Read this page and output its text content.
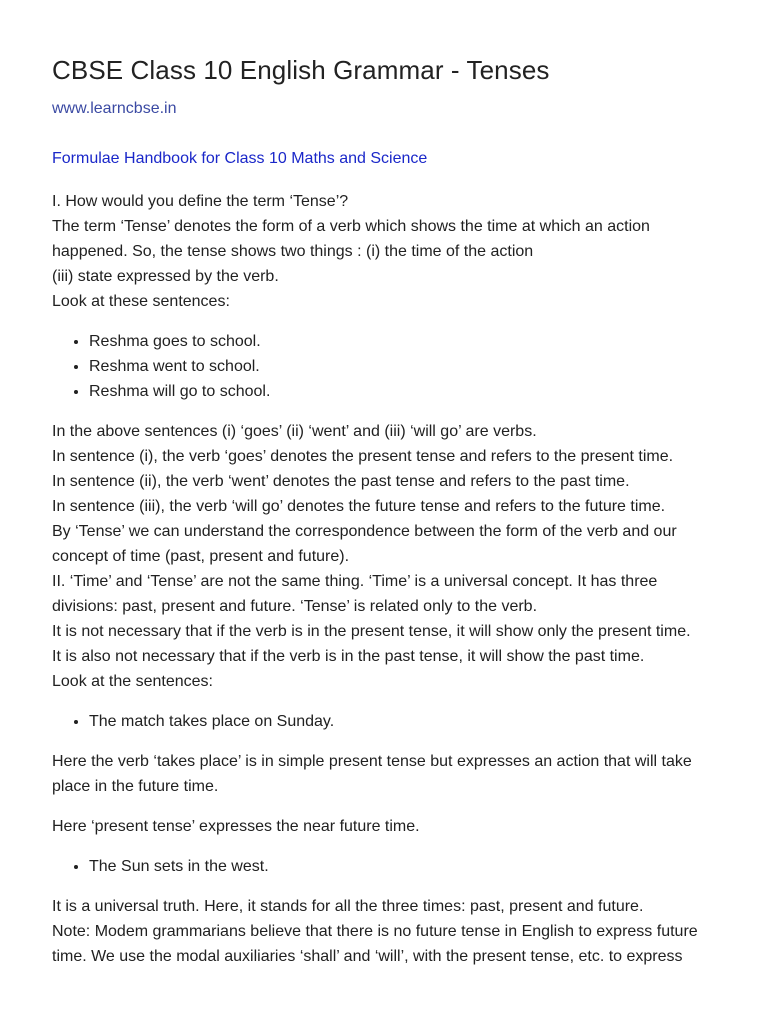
CBSE Class 10 English Grammar - Tenses
www.learncbse.in
Formulae Handbook for Class 10 Maths and Science

I. How would you define the term ‘Tense’?

The term ‘Tense’ denotes the form of a verb which shows the time at which an action

happened. So, the tense shows two things : (i) the time of the action

(iii) state expressed by the verb.

Look at these sentences:

• Reshma goes to school.
• Reshma went to school.
• Reshma will go to school.

In the above sentences (i) ‘goes’ (ii) ‘went’ and (iii) ‘will go’ are verbs.

In sentence (i), the verb ‘goes’ denotes the present tense and refers to the present time.

In sentence (ii), the verb ‘went’ denotes the past tense and refers to the past time.

In sentence (iii), the verb ‘will go’ denotes the future tense and refers to the future time.

By ‘Tense’ we can understand the correspondence between the form of the verb and our

concept of time (past, present and future).

II. ‘Time’ and ‘Tense’ are not the same thing. ‘Time’ is a universal concept. It has three

divisions: past, present and future. ‘Tense’ is related only to the verb.

It is not necessary that if the verb is in the present tense, it will show only the present time.

It is also not necessary that if the verb is in the past tense, it will show the past time.

Look at the sentences:

• The match takes place on Sunday.

Here the verb ‘takes place’ is in simple present tense but expresses an action that will take

place in the future time.

Here ‘present tense’ expresses the near future time.

• The Sun sets in the west.

It is a universal truth. Here, it stands for all the three times: past, present and future.

Note: Modem grammarians believe that there is no future tense in English to express future

time. We use the modal auxiliaries ‘shall’ and ‘will’, with the present tense, etc. to express
